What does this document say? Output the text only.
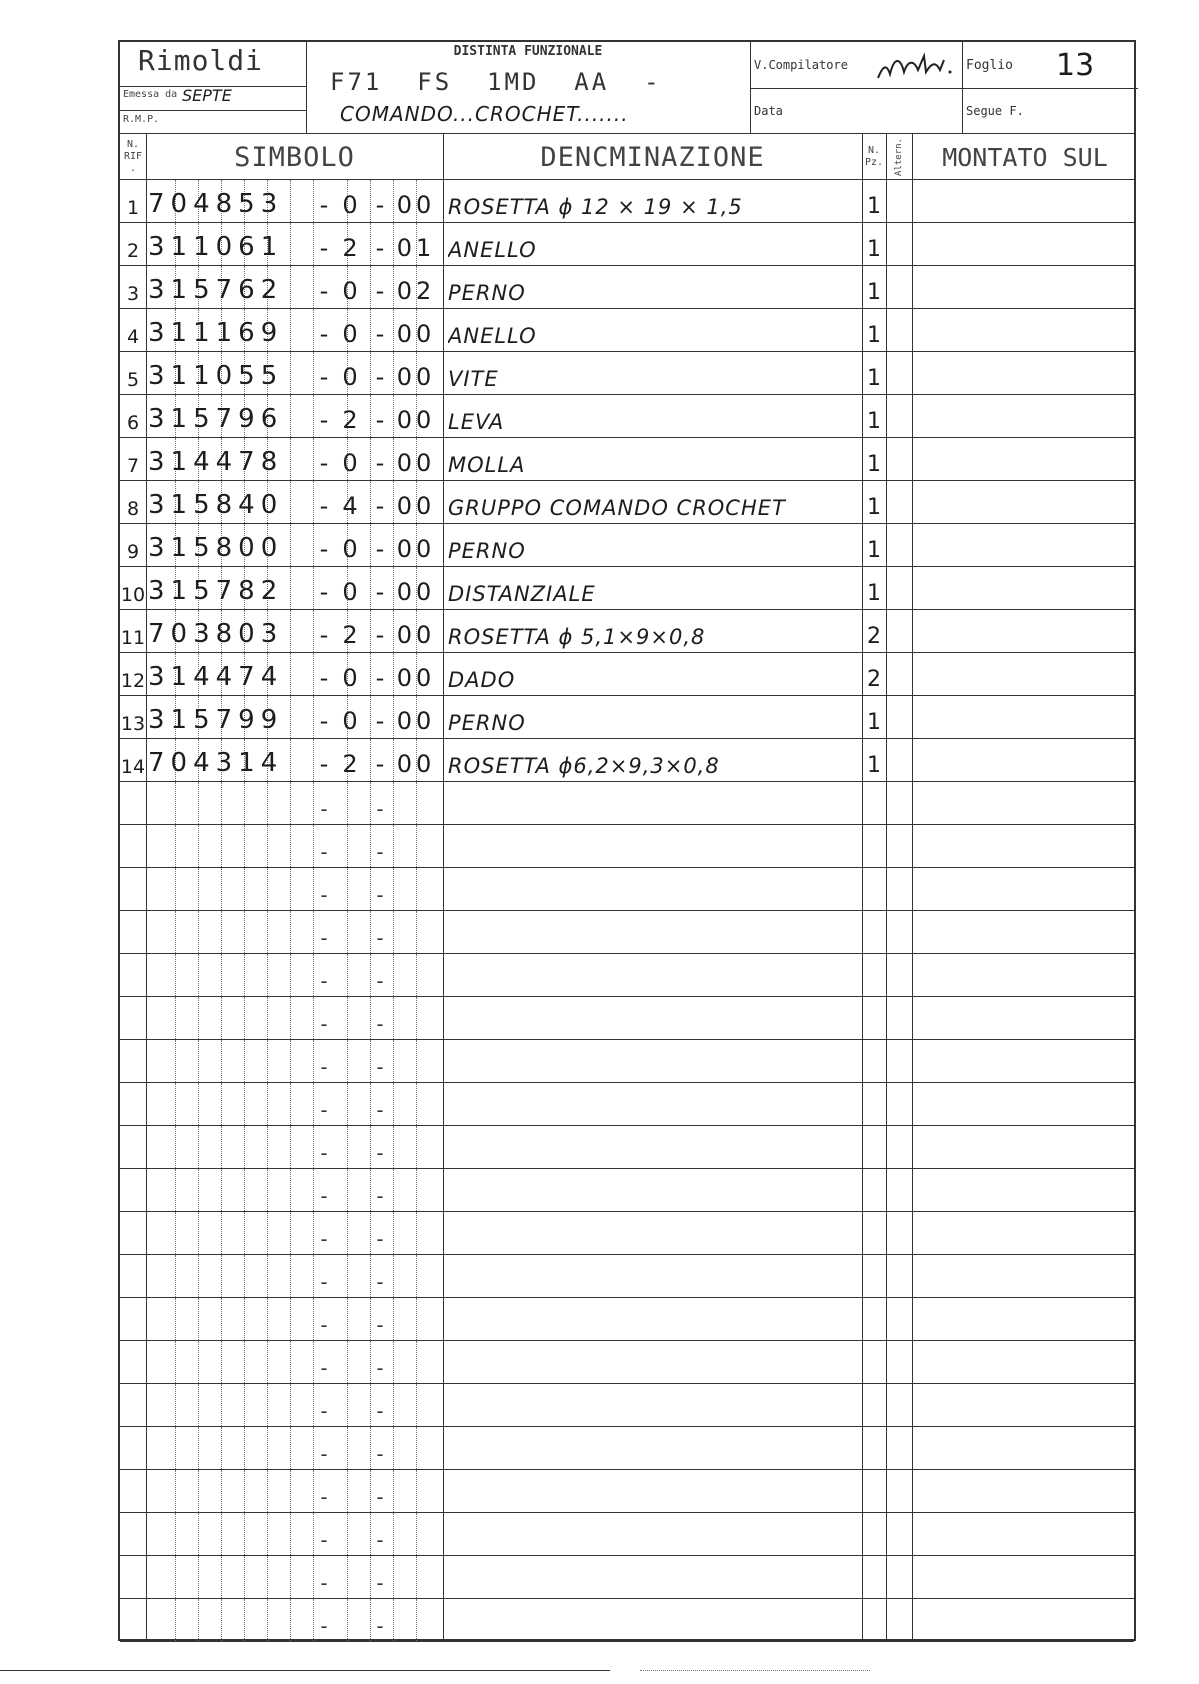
Rimoldi
Emessa da SEPTE
R.M.P.
DISTINTA FUNZIONALE
F71  FS  1MD  AA  -
COMANDO...CROCHET.......
V.Compilatore
Data
Foglio 13
Segue F.
N. RIF.	SIMBOLO	DENCMINAZIONE	N. Pz. Altern.	MONTATO SUL
1 704853	- 0 - 00 ROSETTA ϕ 12 × 19 × 1,5	1
2 311061	- 2 - 01 ANELLO	1
3 315762	- 0 - 02 PERNO	1
4 311169	- 0 - 00 ANELLO	1
5 311055	- 0 - 00 VITE	1
6 315796	- 2 - 00 LEVA	1
7 314478	- 0 - 00 MOLLA	1
8 315840	- 4 - 00 GRUPPO COMANDO CROCHET	1
9 315800	- 0 - 00 PERNO	1
10 315782	- 0 - 00 DISTANZIALE	1
11 703803	- 2 - 00 ROSETTA ϕ 5,1×9×0,8	2
12 314474	- 0 - 00 DADO	2
13 315799	- 0 - 00 PERNO	1
14 704314	- 2 - 00 ROSETTA ϕ6,2×9,3×0,8	1
- -
- -
- -
- -
- -
- -
- -
- -
- -
- -
- -
- -
- -
- -
- -
- -
- -
- -
- -
- -
